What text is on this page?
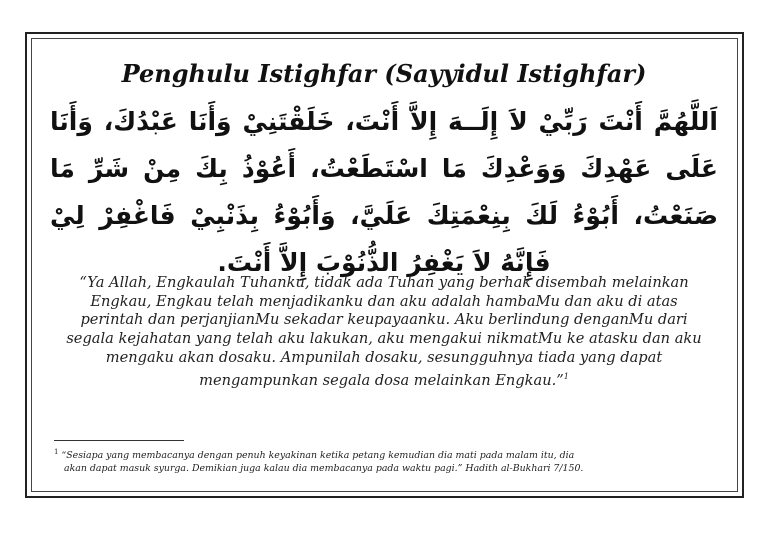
Penghulu Istighfar (Sayyidul Istighfar)
اَللَّهُمَّ أَنْتَ رَبِّيْ لاَ إِلَــهَ إِلاَّ أَنْتَ، خَلَقْتَنِيْ وَأَنَا عَبْدُكَ، وَأَنَا عَلَى عَهْدِكَ وَوَعْدِكَ مَا اسْتَطَعْتُ، أَعُوْذُ بِكَ مِنْ شَرِّ مَا صَنَعْتُ، أَبُوْءُ لَكَ بِنِعْمَتِكَ عَلَيَّ، وَأَبُوْءُ بِذَنْبِيْ فَاغْفِرْ لِيْ فَإِنَّهُ لاَ يَغْفِرُ الذُّنُوْبَ إِلاَّ أَنْتَ.
“Ya Allah, Engkaulah Tuhanku, tidak ada Tuhan yang berhak disembah melainkan Engkau, Engkau telah menjadikanku dan aku adalah hambaMu dan aku di atas perintah dan perjanjianMu sekadar keupayaanku. Aku berlindung denganMu dari segala kejahatan yang telah aku lakukan, aku mengakui nikmatMu ke atasku dan aku mengaku akan dosaku. Ampunilah dosaku, sesungguhnya tiada yang dapat mengampunkan segala dosa melainkan Engkau.”$^1$
$^1$ “Sesiapa yang membacanya dengan penuh keyakinan ketika petang kemudian dia mati pada malam itu, dia
akan dapat masuk syurga. Demikian juga kalau dia membacanya pada waktu pagi.” Hadith al-Bukhari 7/150.
